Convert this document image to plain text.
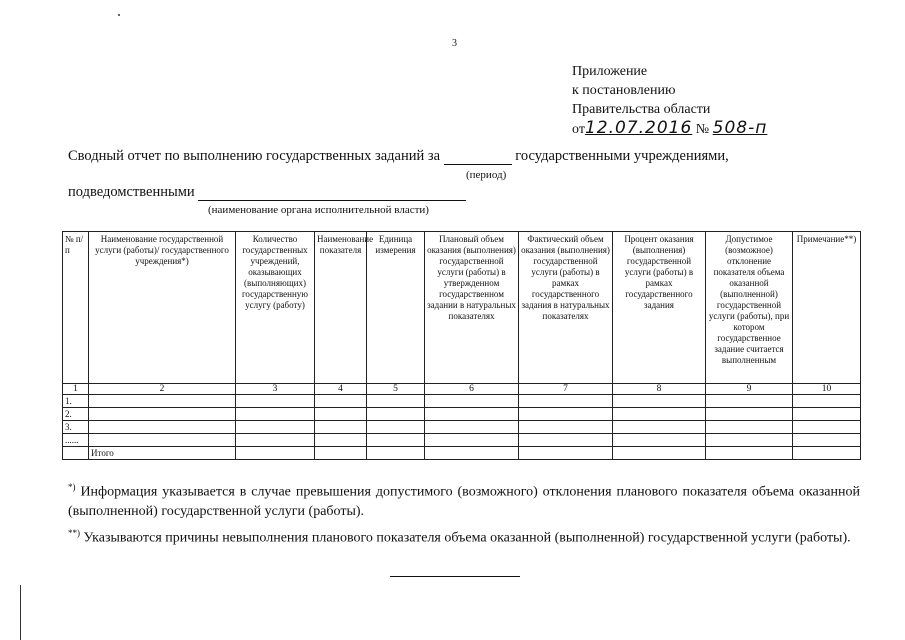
3
Приложение
к постановлению
Правительства области
от12.07.2016 № 508-п
Сводный отчет по выполнению государственных заданий за	государственными учреждениями,
(период)
подведомственными
(наименование органа исполнительной власти)
№ п/п	Наименование государственной услуги (работы)/ государственного учреждения*)	Количество государственных учреждений, оказывающих (выполняющих) государственную услугу (работу)	Наименование показателя	Единица измерения	Плановый объем оказания (выполнения) государственной услуги (работы) в утвержденном государственном задании в натуральных показателях	Фактический объем оказания (выполнения) государственной услуги (работы) в рамках государственного задания в натуральных показателях	Процент оказания (выполнения) государственной услуги (работы) в рамках государственного задания	Допустимое (возможное) отклонение показателя объема оказанной (выполненной) государственной услуги (работы), при котором государственное задание считается выполненным	Примечание**)
1	2	3	4	5	6	7	8	9	10
1.									
2.									
3.									
......									
	Итого								
*) Информация указывается в случае превышения допустимого (возможного) отклонения планового показателя объема оказанной (выполненной) государственной услуги (работы).
**) Указываются причины невыполнения планового показателя объема оказанной (выполненной) государственной услуги (работы).
